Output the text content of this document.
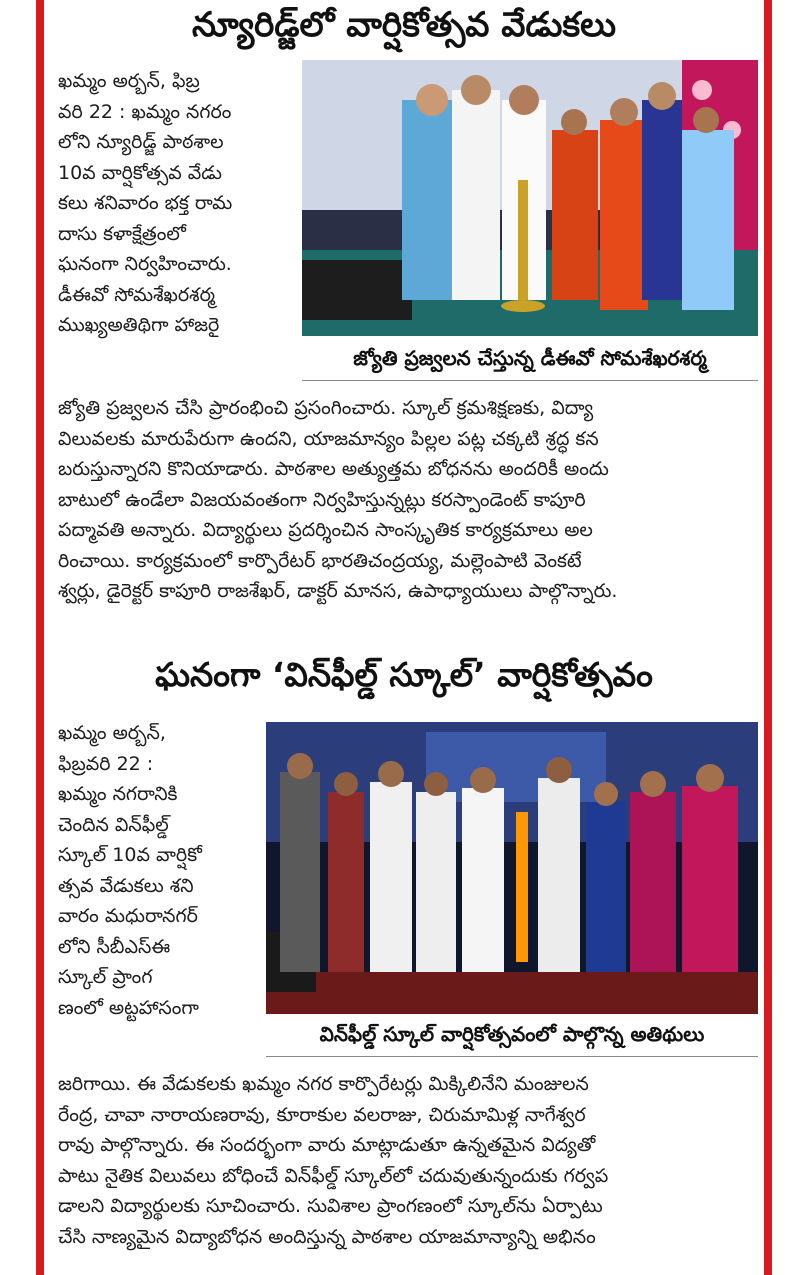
న్యూరిడ్జ్‌లో వార్షికోత్సవ వేడుకలు

ఖమ్మం అర్బన్, ఫిబ్ర

వరి 22 : ఖమ్మం నగరం

లోని న్యూరిడ్జ్ పాఠశాల

10వ వార్షికోత్సవ వేడు

కలు శనివారం భక్త రామ

దాసు కళాక్షేత్రంలో

ఘనంగా నిర్వహించారు.

డీఈవో సోమశేఖరశర్మ

ముఖ్యఅతిథిగా హాజరై

జ్యోతి ప్రజ్వలన చేస్తున్న డీఈవో సోమశేఖరశర్మ

జ్యోతి ప్రజ్వలన చేసి ప్రారంభించి ప్రసంగించారు. స్కూల్ క్రమశిక్షణకు, విద్యా

విలువలకు మారుపేరుగా ఉందని, యాజమాన్యం పిల్లల పట్ల చక్కటి శ్రద్ధ కన

బరుస్తున్నారని కొనియాడారు. పాఠశాల అత్యుత్తమ బోధనను అందరికీ అందు

బాటులో ఉండేలా విజయవంతంగా నిర్వహిస్తున్నట్లు కరస్పాండెంట్ కాపూరి

పద్మావతి అన్నారు. విద్యార్థులు ప్రదర్శించిన సాంస్కృతిక కార్యక్రమాలు అల

రించాయి. కార్యక్రమంలో కార్పొరేటర్ భారతిచంద్రయ్య, మల్లెంపాటి వెంకటే

శ్వర్లు, డైరెక్టర్ కాపూరి రాజశేఖర్, డాక్టర్ మానస, ఉపాధ్యాయులు పాల్గొన్నారు.

ఘనంగా ‘విన్‌ఫీల్డ్ స్కూల్’ వార్షికోత్సవం

ఖమ్మం అర్బన్,

ఫిబ్రవరి 22 :

ఖమ్మం నగరానికి

చెందిన విన్‌ఫీల్డ్

స్కూల్ 10వ వార్షికో

త్సవ వేడుకలు శని

వారం మధురానగర్

లోని సీబీఎస్ఈ

స్కూల్ ప్రాంగ

ణంలో అట్టహాసంగా

విన్‌ఫీల్డ్ స్కూల్ వార్షికోత్సవంలో పాల్గొన్న అతిథులు

జరిగాయి. ఈ వేడుకలకు ఖమ్మం నగర కార్పొరేటర్లు మిక్కిలినేని మంజులన

రేంద్ర, చావా నారాయణరావు, కూరాకుల వలరాజు, చిరుమామిళ్ల నాగేశ్వర

రావు పాల్గొన్నారు. ఈ సందర్భంగా వారు మాట్లాడుతూ ఉన్నతమైన విద్యతో

పాటు నైతిక విలువలు బోధించే విన్‌ఫీల్డ్ స్కూల్‌లో చదువుతున్నందుకు గర్వప

డాలని విద్యార్థులకు సూచించారు. సువిశాల ప్రాంగణంలో స్కూల్‌ను ఏర్పాటు

చేసి నాణ్యమైన విద్యాబోధన అందిస్తున్న పాఠశాల యాజమాన్యాన్ని అభినం
